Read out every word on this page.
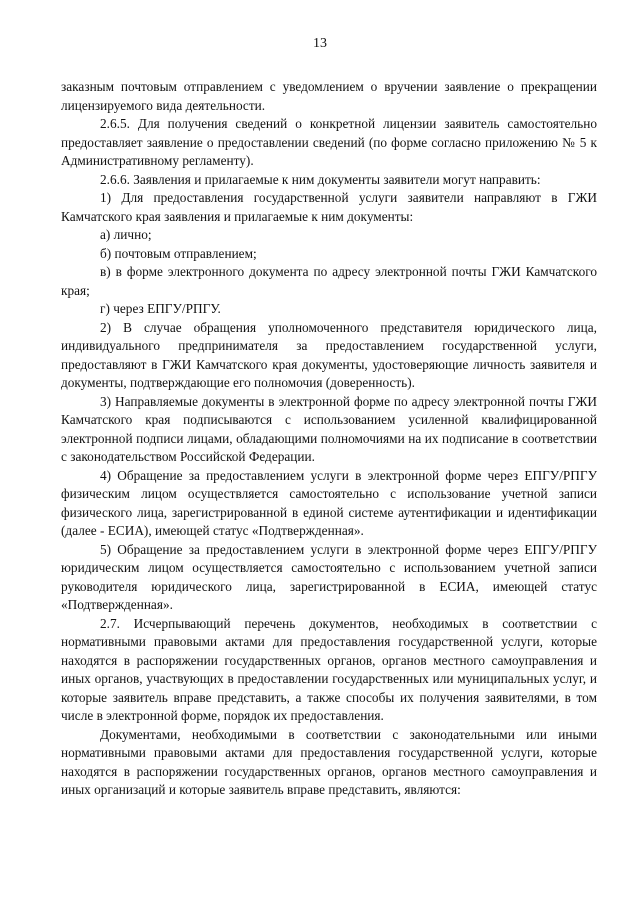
13

заказным почтовым отправлением с уведомлением о вручении заявление о прекращении лицензируемого вида деятельности.

2.6.5. Для получения сведений о конкретной лицензии заявитель самостоятельно предоставляет заявление о предоставлении сведений (по форме согласно приложению № 5 к Административному регламенту).

2.6.6. Заявления и прилагаемые к ним документы заявители могут направить:

1) Для предоставления государственной услуги заявители направляют в ГЖИ Камчатского края заявления и прилагаемые к ним документы:

а) лично;

б) почтовым отправлением;

в) в форме электронного документа по адресу электронной почты ГЖИ Камчатского края;

г) через ЕПГУ/РПГУ.

2) В случае обращения уполномоченного представителя юридического лица, индивидуального предпринимателя за предоставлением государственной услуги, предоставляют в ГЖИ Камчатского края документы, удостоверяющие личность заявителя и документы, подтверждающие его полномочия (доверенность).

3) Направляемые документы в электронной форме по адресу электронной почты ГЖИ Камчатского края подписываются с использованием усиленной квалифицированной электронной подписи лицами, обладающими полномочиями на их подписание в соответствии с законодательством Российской Федерации.

4) Обращение за предоставлением услуги в электронной форме через ЕПГУ/РПГУ физическим лицом осуществляется самостоятельно с использование учетной записи физического лица, зарегистрированной в единой системе аутентификации и идентификации (далее - ЕСИА), имеющей статус «Подтвержденная».

5) Обращение за предоставлением услуги в электронной форме через ЕПГУ/РПГУ юридическим лицом осуществляется самостоятельно с использованием учетной записи руководителя юридического лица, зарегистрированной в ЕСИА, имеющей статус «Подтвержденная».

2.7. Исчерпывающий перечень документов, необходимых в соответствии с нормативными правовыми актами для предоставления государственной услуги, которые находятся в распоряжении государственных органов, органов местного самоуправления и иных органов, участвующих в предоставлении государственных или муниципальных услуг, и которые заявитель вправе представить, а также способы их получения заявителями, в том числе в электронной форме, порядок их предоставления.

Документами, необходимыми в соответствии с законодательными или иными нормативными правовыми актами для предоставления государственной услуги, которые находятся в распоряжении государственных органов, органов местного самоуправления и иных организаций и которые заявитель вправе представить, являются:
